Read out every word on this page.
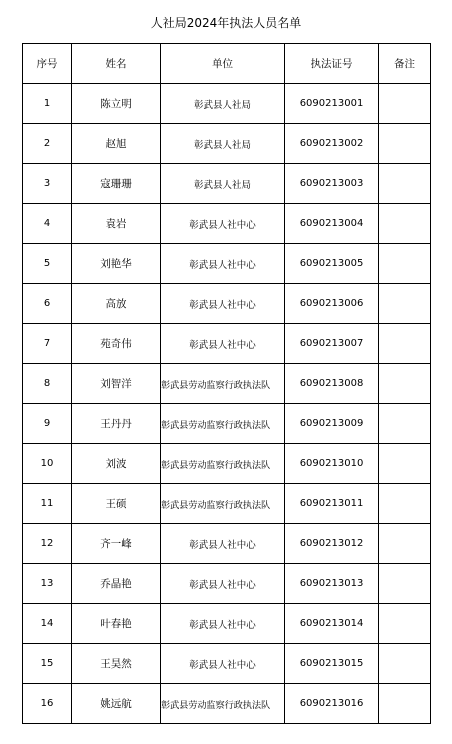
人社局2024年执法人员名单
序号	姓名	单位	执法证号	备注
1	陈立明	彰武县人社局	6090213001	
2	赵旭	彰武县人社局	6090213002	
3	寇珊珊	彰武县人社局	6090213003	
4	袁岩	彰武县人社中心	6090213004	
5	刘艳华	彰武县人社中心	6090213005	
6	高放	彰武县人社中心	6090213006	
7	苑奇伟	彰武县人社中心	6090213007	
8	刘智洋	彰武县劳动监察行政执法队	6090213008	
9	王丹丹	彰武县劳动监察行政执法队	6090213009	
10	刘波	彰武县劳动监察行政执法队	6090213010	
11	王硕	彰武县劳动监察行政执法队	6090213011	
12	齐一峰	彰武县人社中心	6090213012	
13	乔晶艳	彰武县人社中心	6090213013	
14	叶春艳	彰武县人社中心	6090213014	
15	王昊然	彰武县人社中心	6090213015	
16	姚远航	彰武县劳动监察行政执法队	6090213016	
